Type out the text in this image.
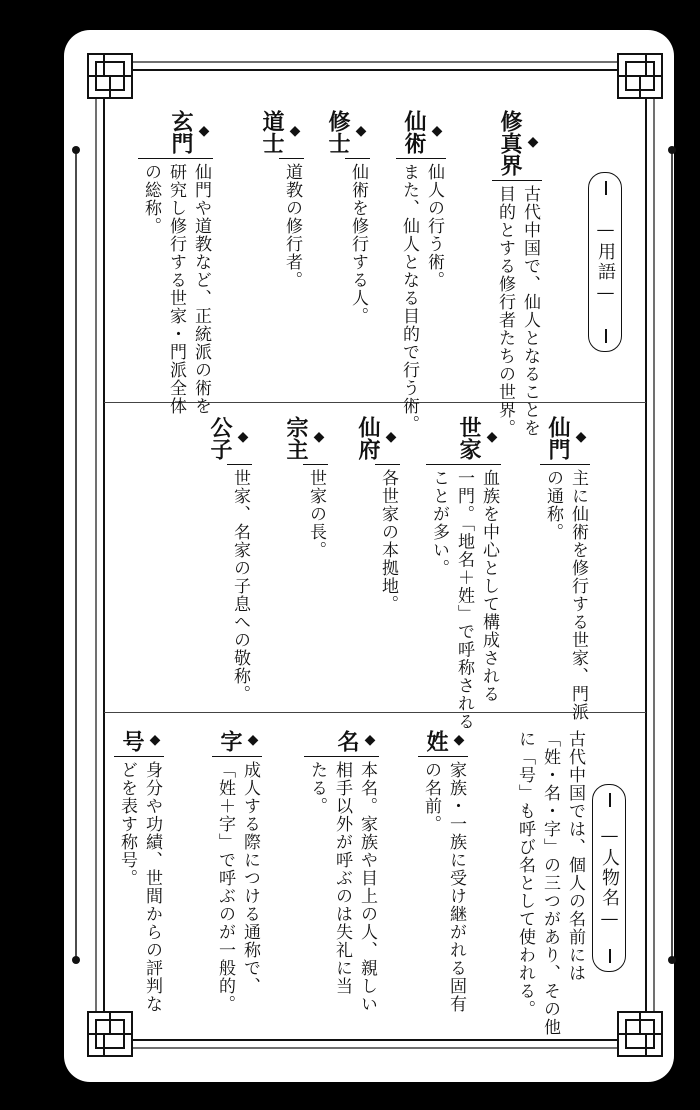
—用語—
◆
修真界
古代中国で、仙人となることを
目的とする修行者たちの世界。
◆
仙術
仙人の行う術。
また、仙人となる目的で行う術。
◆
修士
仙術を修行する人。
◆
道士
道教の修行者。
◆
玄門
仙門や道教など、正統派の術を
研究し修行する世家・門派全体
の総称。
◆
仙門
主に仙術を修行する世家、門派
の通称。
◆
世家
血族を中心として構成される
一門。「地名＋姓」で呼称される
ことが多い。
◆
仙府
各世家の本拠地。
◆
宗主
世家の長。
◆
公子
世家、名家の子息への敬称。
—人物名—
古代中国では、個人の名前には
「姓・名・字」の三つがあり、その他
に「号」も呼び名として使われる。
◆
姓
家族・一族に受け継がれる固有
の名前。
◆
名
本名。家族や目上の人、親しい
相手以外が呼ぶのは失礼に当
たる。
◆
字
成人する際につける通称で、
「姓＋字」で呼ぶのが一般的。
◆
号
身分や功績、世間からの評判な
どを表す称号。
